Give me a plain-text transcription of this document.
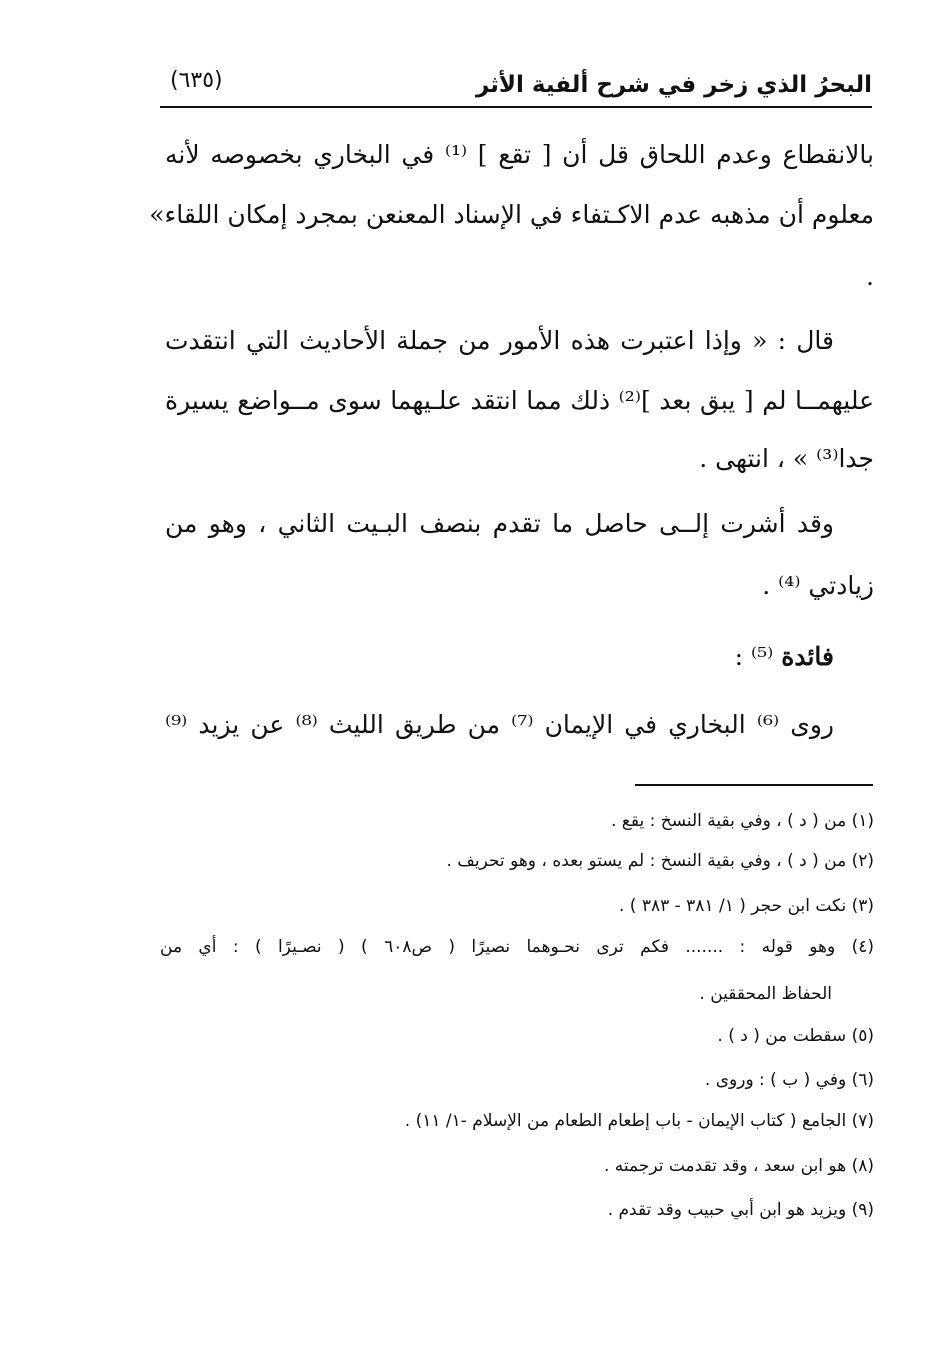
البحرُ الذي زخر في شرح ألفية الأثر
(٦٣٥)
بالانقطاع وعدم اللحاق قل أن [ تقع ] ⁽¹⁾ في البخاري بخصوصه لأنه
معلوم أن مذهبه عدم الاكـتفاء في الإسناد المعنعن بمجرد إمكان اللقاء»
.
قال : « وإذا اعتبرت هذه الأمور من جملة الأحاديث التي انتقدت
عليهمــا لم [ يبق بعد ]⁽²⁾ ذلك مما انتقد علـيهما سوى مــواضع يسيرة
جدا⁽³⁾ » ، انتهى .
وقد أشرت إلــى حاصل ما تقدم بنصف البـيت الثاني ، وهو من
زيادتي ⁽⁴⁾ .
فائدة ⁽⁵⁾ :
روى ⁽⁶⁾ البخاري في الإيمان ⁽⁷⁾ من طريق الليث ⁽⁸⁾ عن يزيد ⁽⁹⁾
(١) من ( د ) ، وفي بقية النسخ : يقع .
(٢) من ( د ) ، وفي بقية النسخ : لم يستو بعده ، وهو تحريف .
(٣) نكت ابن حجر ( ١/ ٣٨١ - ٣٨٣ ) .
(٤) وهو قوله : ....... فكم ترى نحـوهما نصيرًا ( ص٦٠٨ ) ( نصـيرًا ) : أي من
الحفاظ المحققين .
(٥) سقطت من ( د ) .
(٦) وفي ( ب ) : وروى .
(٧) الجامع ( كتاب الإيمان - باب إطعام الطعام من الإسلام -١/ ١١) .
(٨) هو ابن سعد ، وقد تقدمت ترجمته .
(٩) ويزيد هو ابن أبي حبيب وقد تقدم .
